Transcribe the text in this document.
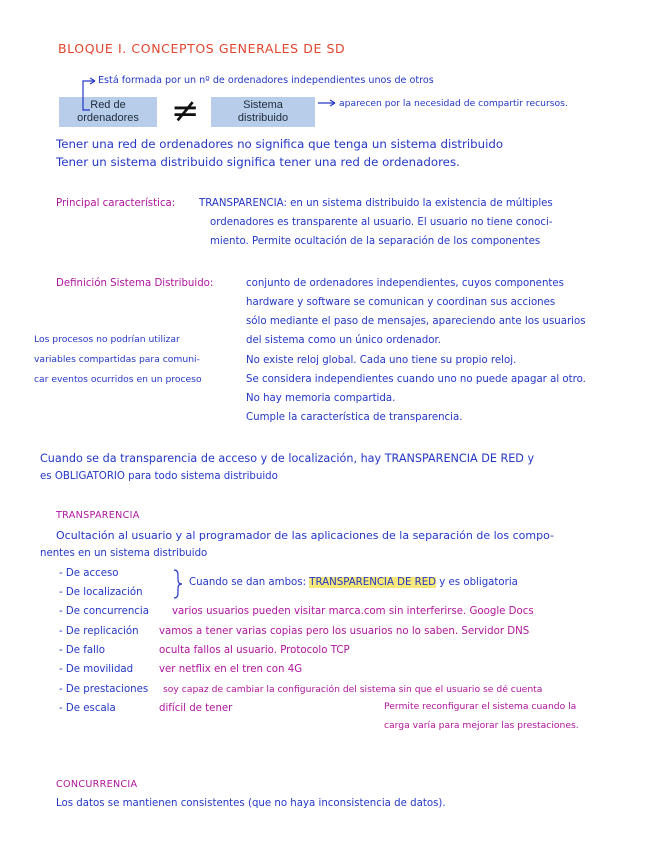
BLOQUE I. CONCEPTOS GENERALES DE SD
Está formada por un nº de ordenadores independientes unos de otros
Red de
ordenadores ≠	Sistema
distribuido
aparecen por la necesidad de compartir recursos.
Tener una red de ordenadores no significa que tenga un sistema distribuido
Tener un sistema distribuido significa tener una red de ordenadores.
Principal característica: TRANSPARENCIA: en un sistema distribuido la existencia de múltiples
ordenadores es transparente al usuario. El usuario no tiene conoci-
miento. Permite ocultación de la separación de los componentes
Definición Sistema Distribuido:	conjunto de ordenadores independientes, cuyos componentes
hardware y software se comunican y coordinan sus acciones
sólo mediante el paso de mensajes, apareciendo ante los usuarios
del sistema como un único ordenador.
No existe reloj global. Cada uno tiene su propio reloj.
Se considera independientes cuando uno no puede apagar al otro.
No hay memoria compartida.
Cumple la característica de transparencia.
Los procesos no podrían utilizar
variables compartidas para comuni-
car eventos ocurridos en un proceso
Cuando se da transparencia de acceso y de localización, hay TRANSPARENCIA DE RED y
es OBLIGATORIO para todo sistema distribuido
TRANSPARENCIA
Ocultación al usuario y al programador de las aplicaciones de la separación de los compo-
nentes en un sistema distribuido
- De acceso
- De localización
Cuando se dan ambos: TRANSPARENCIA DE RED y es obligatoria
- De concurrencia varios usuarios pueden visitar marca.com sin interferirse. Google Docs
- De replicación vamos a tener varias copias pero los usuarios no lo saben. Servidor DNS
- De fallo	oculta fallos al usuario. Protocolo TCP
- De movilidad	ver netflix en el tren con 4G
- De prestaciones soy capaz de cambiar la configuración del sistema sin que el usuario se dé cuenta
- De escala	difícil de tener	Permite reconfigurar el sistema cuando la
carga varía para mejorar las prestaciones.
CONCURRENCIA
Los datos se mantienen consistentes (que no haya inconsistencia de datos).
